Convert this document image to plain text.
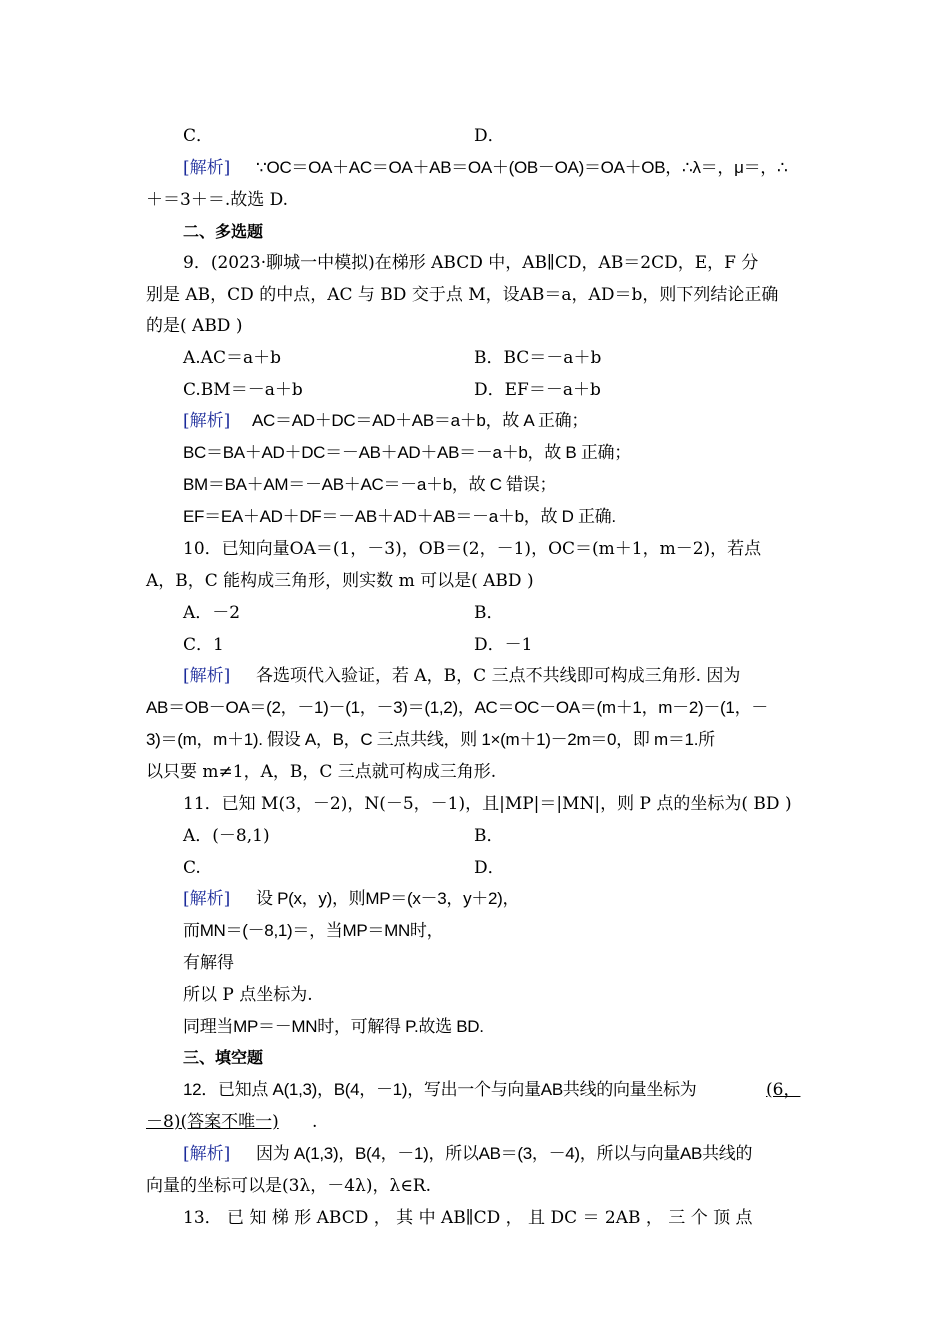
C．	D．
[解析] ∵OC＝OA＋AC＝OA＋AB＝OA＋(OB－OA)＝OA＋OB，∴λ＝，μ＝，∴
＋＝3＋＝.故选 D.
二、多选题
9．(2023·聊城一中模拟)在梯形 ABCD 中，AB∥CD，AB＝2CD，E，F 分
别是 AB，CD 的中点，AC 与 BD 交于点 M，设AB＝a，AD＝b，则下列结论正确
的是( ABD )
A.AC＝a＋b	B．BC＝－a＋b
C.BM＝－a＋b	D．EF＝－a＋b
[解析] AC＝AD＋DC＝AD＋AB＝a＋b，故 A 正确；
BC＝BA＋AD＋DC＝－AB＋AD＋AB＝－a＋b，故 B 正确；
BM＝BA＋AM＝－AB＋AC＝－a＋b，故 C 错误；
EF＝EA＋AD＋DF＝－AB＋AD＋AB＝－a＋b，故 D 正确.
10．已知向量OA＝(1，－3)，OB＝(2，－1)，OC＝(m＋1，m－2)，若点
A，B，C 能构成三角形，则实数 m 可以是( ABD )
A．－2	B．
C．1	D．－1
[解析] 各选项代入验证，若 A，B，C 三点不共线即可构成三角形. 因为
AB＝OB－OA＝(2，－1)－(1，－3)＝(1,2)，AC＝OC－OA＝(m＋1，m－2)－(1，－
3)＝(m，m＋1). 假设 A，B，C 三点共线，则 1×(m＋1)－2m＝0，即 m＝1.所
以只要 m≠1，A，B，C 三点就可构成三角形.
11．已知 M(3，－2)，N(－5，－1)，且|MP|＝|MN|，则 P 点的坐标为( BD )
A．(－8,1)	B．
C.	D．
[解析] 设 P(x，y)，则MP＝(x－3，y＋2)，
而MN＝(－8,1)＝，当MP＝MN时，
有解得
所以 P 点坐标为.
同理当MP＝－MN时，可解得 P.故选 BD.
三、填空题
12．已知点 A(1,3)，B(4，－1)，写出一个与向量AB共线的向量坐标为	(6，
－8)(答案不唯一) .
[解析] 因为 A(1,3)，B(4，－1)，所以AB＝(3，－4)，所以与向量AB共线的
向量的坐标可以是(3λ，－4λ)，λ∈R.
13． 已 知 梯 形 ABCD ， 其 中 AB∥CD ， 且 DC ＝ 2AB ， 三 个 顶 点
